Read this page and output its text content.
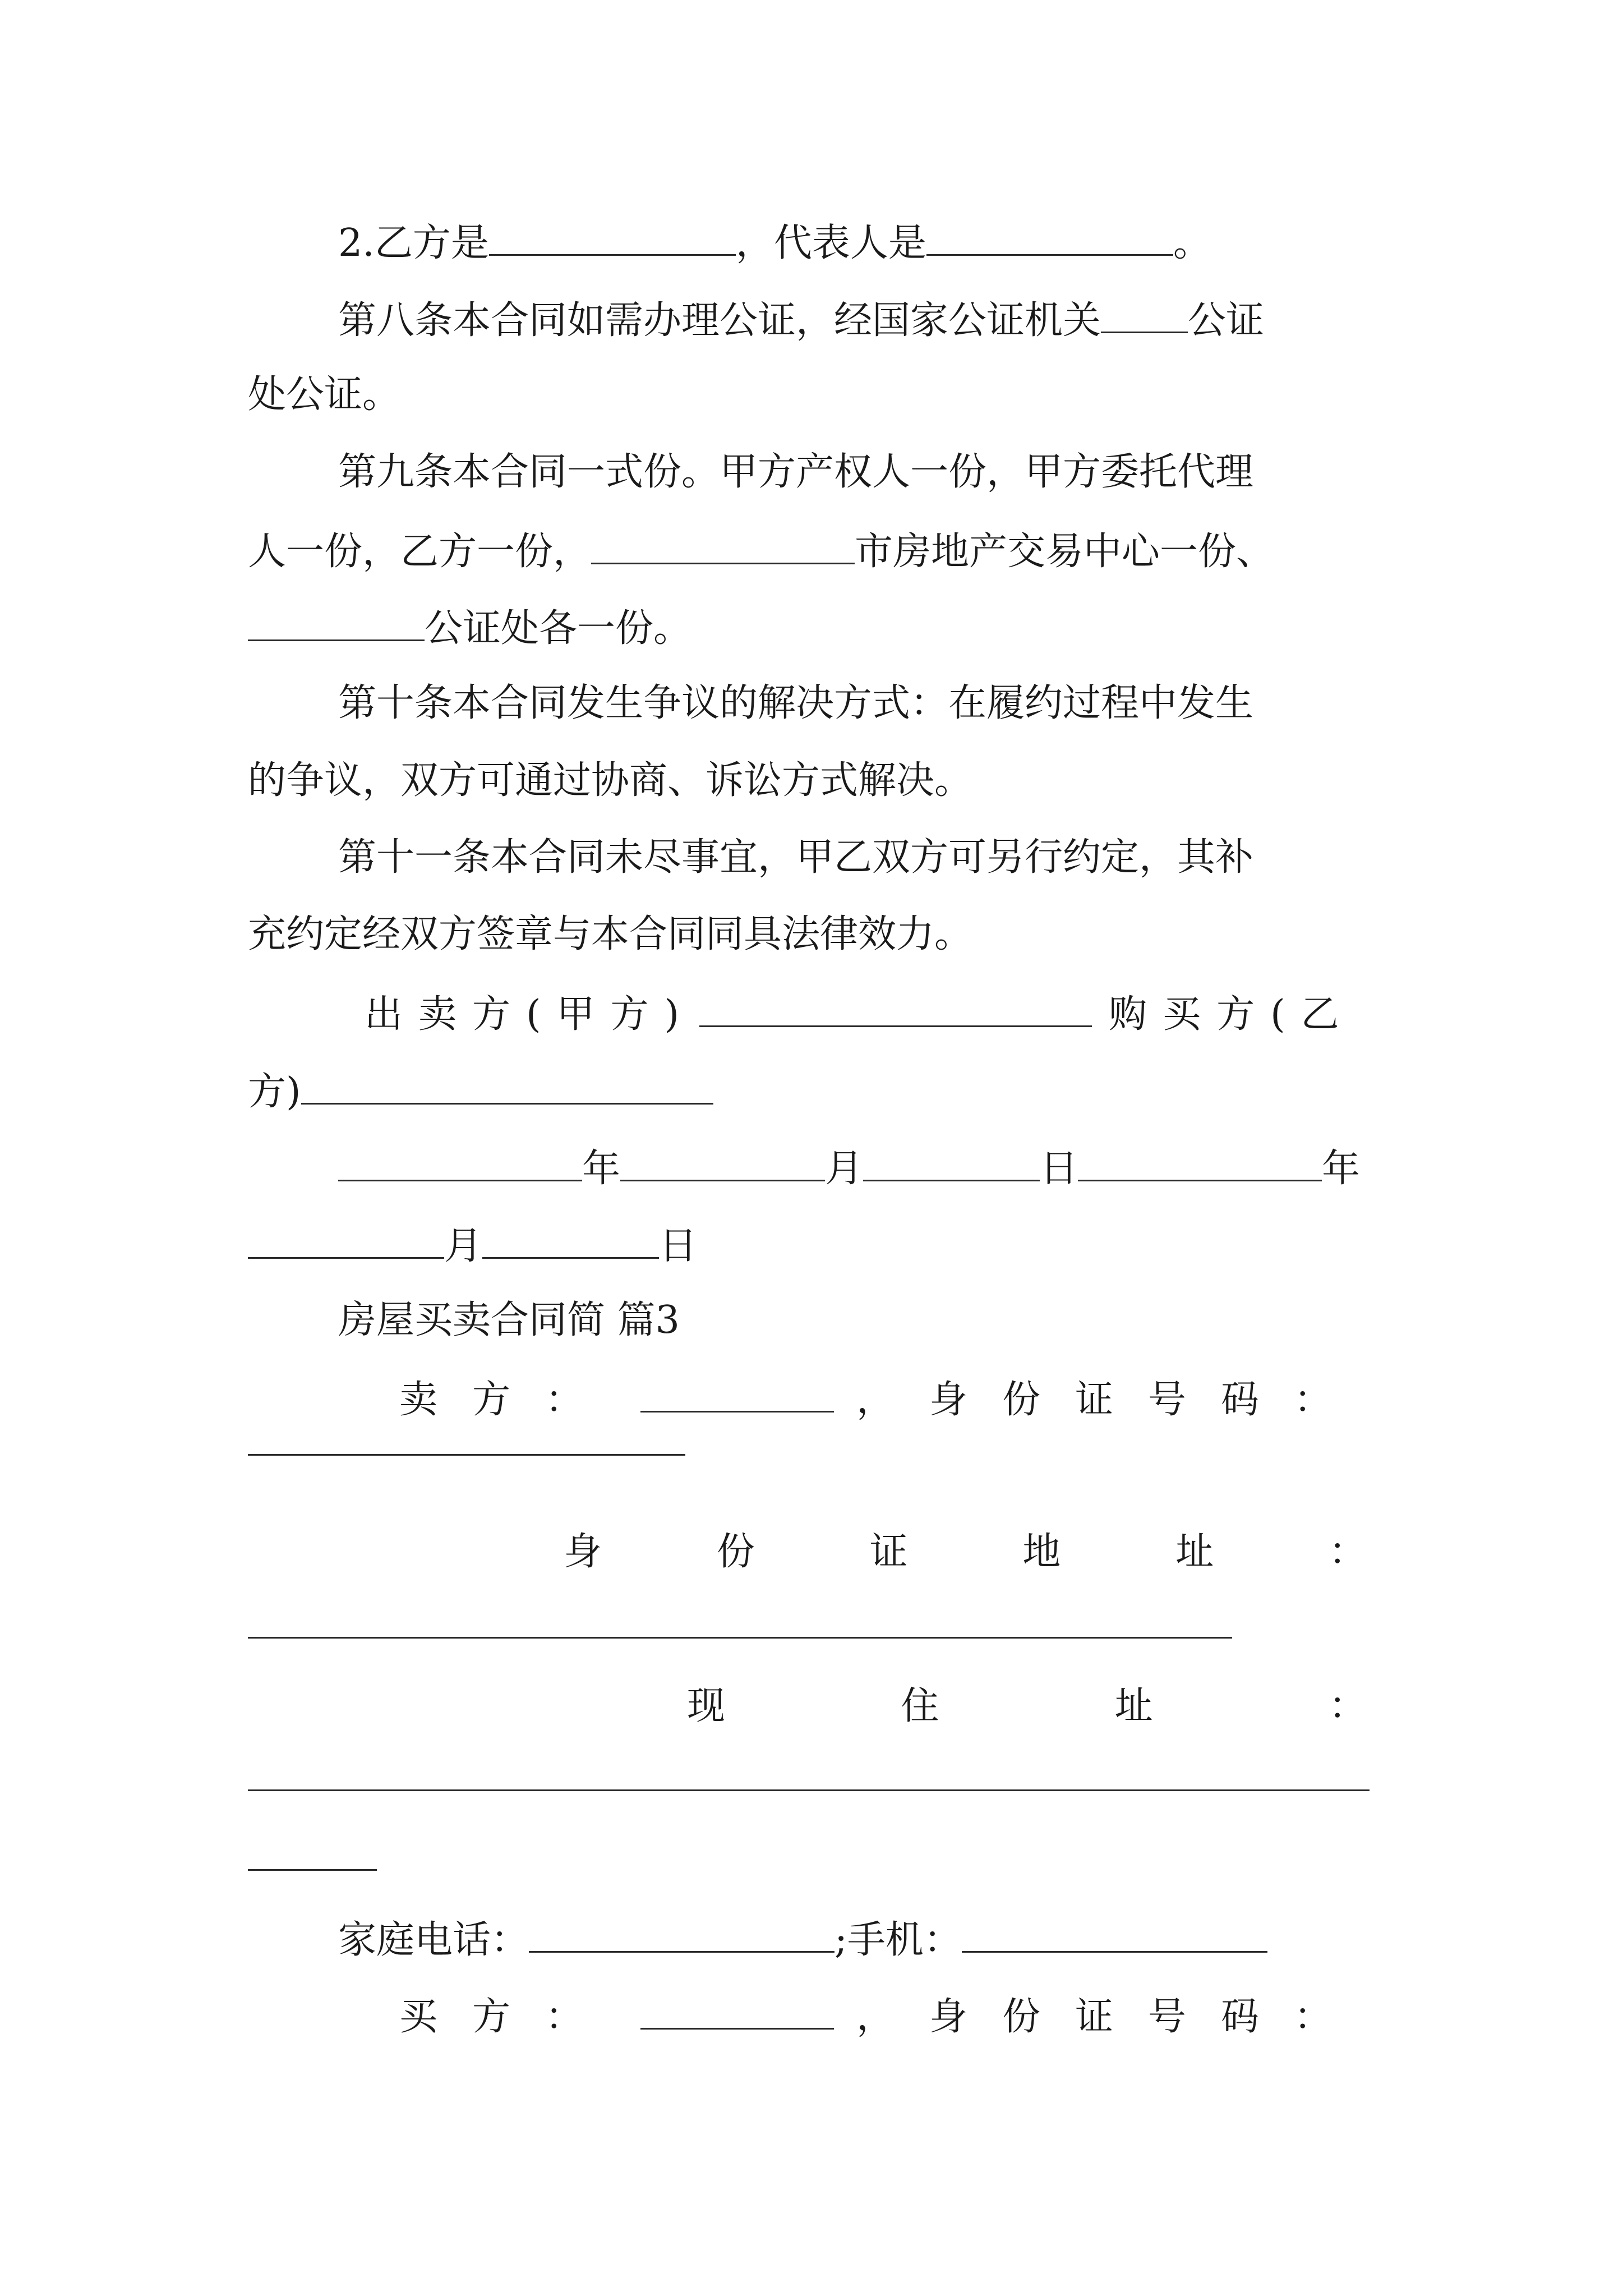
2.乙方是	，代表人是	。
第八条本合同如需办理公证，经国家公证机关 公证
处公证。
第九条本合同一式份。甲方产权人一份，甲方委托代理
人一份，乙方一份，	市房地产交易中心一份、
公证处各一份。
第十条本合同发生争议的解决方式：在履约过程中发生
的争议，双方可通过协商、诉讼方式解决。
第十一条本合同未尽事宜，甲乙双方可另行约定，其补
充约定经双方签章与本合同同具法律效力。
出卖方(甲方)	购买方(乙
方)
年	月	日	年
月	日
房屋买卖合同简 篇3
卖方：	，身份证号码：
身	份	证	地	址	：
现	住	址	：
家庭电话：	;手机：
买方：	，身份证号码：
